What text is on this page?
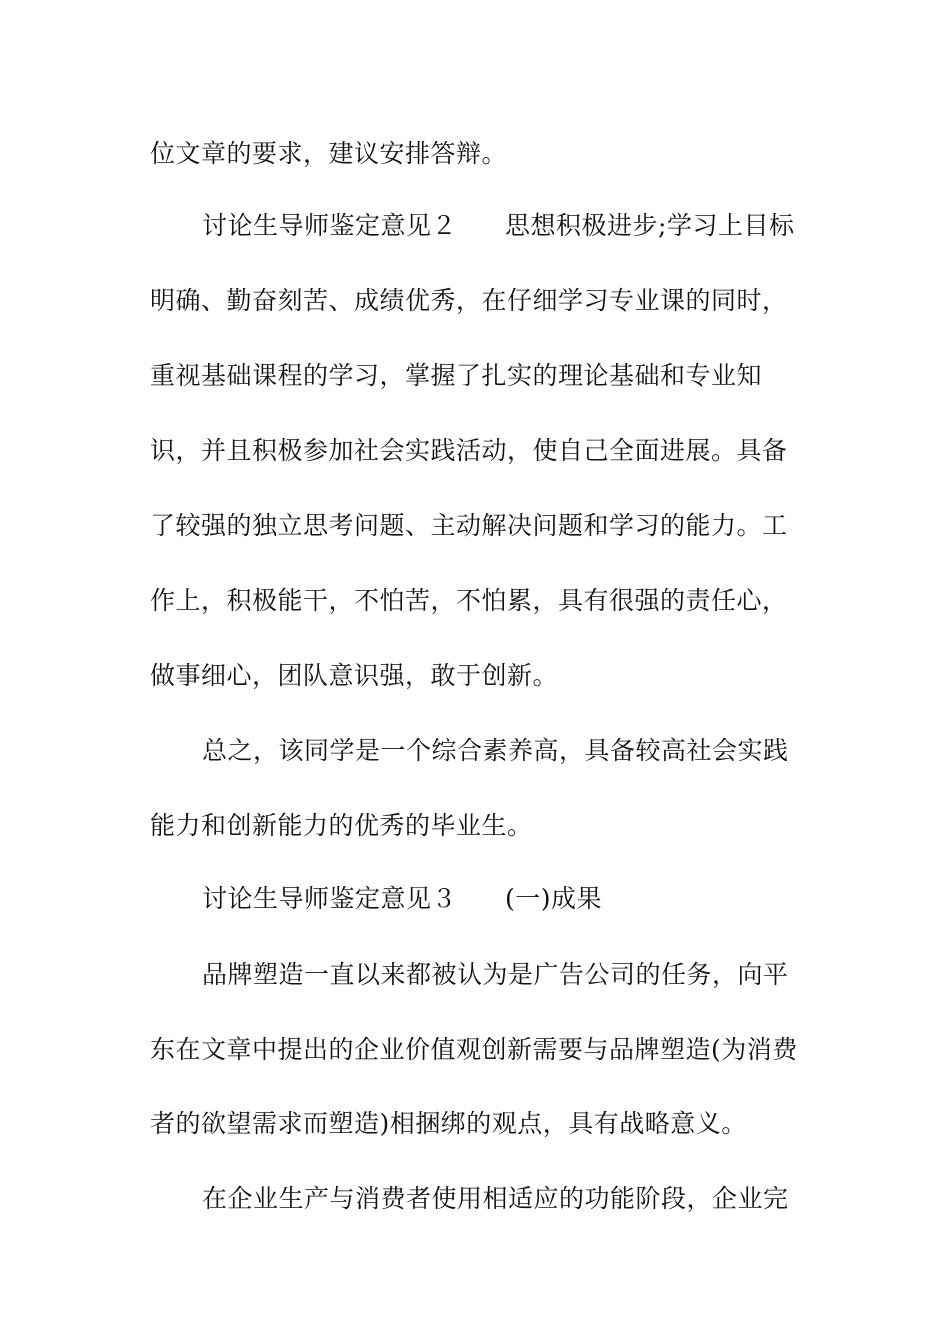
位文章的要求，建议安排答辩。
讨论生导师鉴定意见２ 思想积极进步;学习上目标
明确、勤奋刻苦、成绩优秀，在仔细学习专业课的同时，
重视基础课程的学习，掌握了扎实的理论基础和专业知
识，并且积极参加社会实践活动，使自己全面进展。具备
了较强的独立思考问题、主动解决问题和学习的能力。工
作上，积极能干，不怕苦，不怕累，具有很强的责任心，
做事细心，团队意识强，敢于创新。
总之，该同学是一个综合素养高，具备较高社会实践
能力和创新能力的优秀的毕业生。
讨论生导师鉴定意见３ (一)成果
品牌塑造一直以来都被认为是广告公司的任务，向平
东在文章中提出的企业价值观创新需要与品牌塑造(为消费
者的欲望需求而塑造)相捆绑的观点，具有战略意义。
在企业生产与消费者使用相适应的功能阶段，企业完
